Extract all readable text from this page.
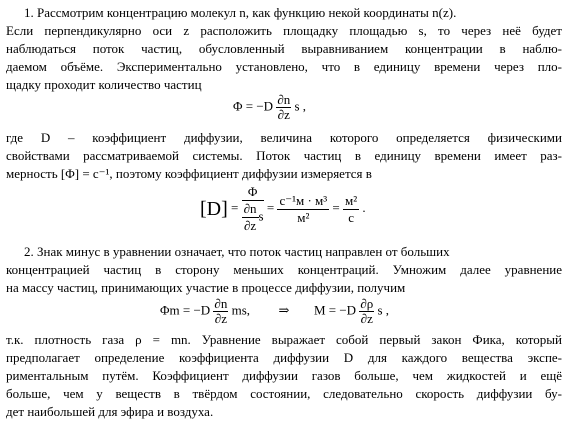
1. Рассмотрим концентрацию молекул n, как функцию некой координаты n(z).
Если перпендикулярно оси z расположить площадку площадью s, то через неё будет
наблюдаться поток частиц, обусловленный выравниванием концентрации в наблю-
даемом объёме. Экспериментально установлено, что в единицу времени через пло-
щадку проходит количество частиц
$\Phi = -D \frac{\partial n}{\partial z}$ s ,
где D – коэффициент диффузии, величина которого определяется физическими
свойствами рассматриваемой системы. Поток частиц в единицу времени имеет раз-
мерность [Φ] = с⁻¹, поэтому коэффициент диффузии измеряется в
$[D] = \frac{\Phi}{\frac{\partial n}{\partial z} s} = \frac{\text{с⁻¹м · м³}}{\text{м²}} = \frac{\text{м²}}{с}$ .
2. Знак минус в уравнении означает, что поток частиц направлен от больших
концентрацией частиц в сторону меньших концентраций. Умножим далее уравнение
на массу частиц, принимающих участие в процессе диффузии, получим
$\Phi m = -D \frac{\partial n}{\partial z}$ ms, ⇒ $M = -D \frac{\partial\rho}{\partial z}$ s ,
т.к. плотность газа ρ = mn. Уравнение выражает собой первый закон Фика, который
предполагает определение коэффициента диффузии D для каждого вещества экспе-
риментальным путём. Коэффициент диффузии газов больше, чем жидкостей и ещё
больше, чем у веществ в твёрдом состоянии, следовательно скорость диффузии бу-
дет наибольшей для эфира и воздуха.
